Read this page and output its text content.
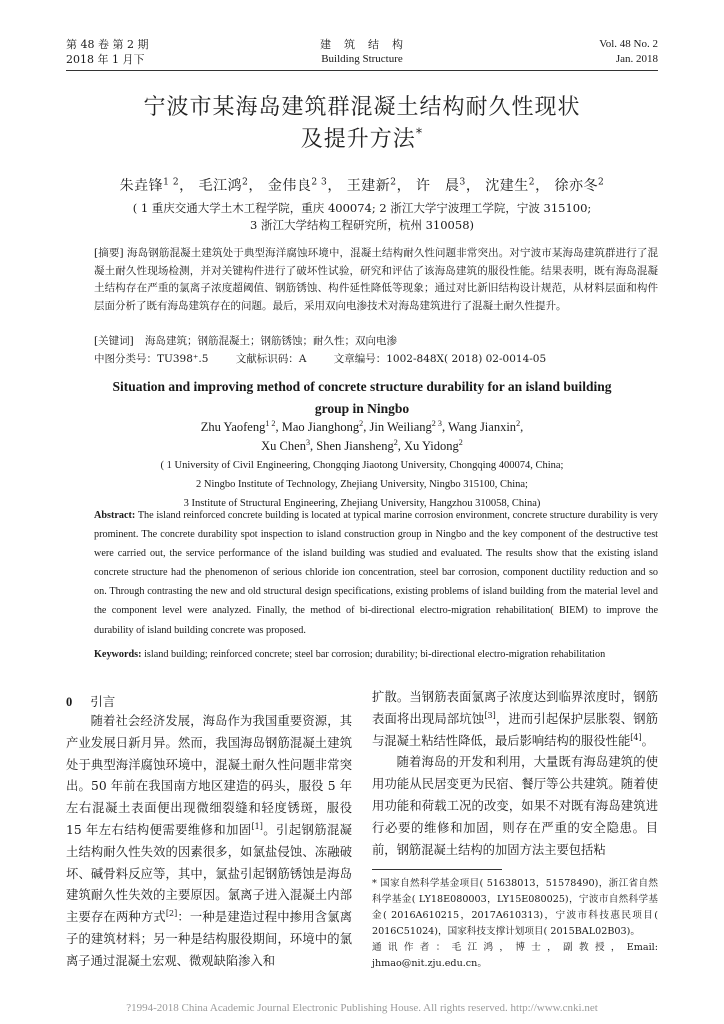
第 48 卷 第 2 期
2018 年 1 月下
建　筑　结　构
Building Structure
Vol. 48 No. 2
Jan. 2018
宁波市某海岛建筑群混凝土结构耐久性现状
及提升方法*
朱垚锋$^{1 2}$， 毛江鸿$^2$， 金伟良$^{2 3}$， 王建新$^2$， 许　晨$^3$， 沈建生$^2$， 徐亦冬$^2$
( 1 重庆交通大学土木工程学院，重庆 400074; 2 浙江大学宁波理工学院，宁波 315100;
3 浙江大学结构工程研究所，杭州 310058)
[摘要] 海岛钢筋混凝土建筑处于典型海洋腐蚀环境中，混凝土结构耐久性问题非常突出。对宁波市某海岛建筑群进行了混凝土耐久性现场检测，并对关键构件进行了破坏性试验，研究和评估了该海岛建筑的服役性能。结果表明，既有海岛混凝土结构存在严重的氯离子浓度超阈值、钢筋锈蚀、构件延性降低等现象；通过对比新旧结构设计规范，从材料层面和构件层面分析了既有海岛建筑存在的问题。最后，采用双向电渗技术对海岛建筑进行了混凝土耐久性提升。
[关键词] 海岛建筑；钢筋混凝土；钢筋锈蚀；耐久性；双向电渗
中图分类号：TU398⁺.5	文献标识码：A	文章编号：1002-848X( 2018) 02-0014-05
Situation and improving method of concrete structure durability for an island building
group in Ningbo
Zhu Yaofeng$^{1 2}$, Mao Jianghong$^2$, Jin Weiliang$^{2 3}$, Wang Jianxin$^2$,
Xu Chen$^3$, Shen Jiansheng$^2$, Xu Yidong$^2$
( 1 University of Civil Engineering, Chongqing Jiaotong University, Chongqing 400074, China;
2 Ningbo Institute of Technology, Zhejiang University, Ningbo 315100, China;
3 Institute of Structural Engineering, Zhejiang University, Hangzhou 310058, China)
Abstract: The island reinforced concrete building is located at typical marine corrosion environment, concrete structure durability is very prominent. The concrete durability spot inspection to island construction group in Ningbo and the key component of the destructive test were carried out, the service performance of the island building was studied and evaluated. The results show that the existing island concrete structure had the phenomenon of serious chloride ion concentration, steel bar corrosion, component ductility reduction and so on. Through contrasting the new and old structural design specifications, existing problems of island building from the material level and the component level were analyzed. Finally, the method of bi-directional electro-migration rehabilitation( BIEM) to improve the durability of island building concrete was proposed.
Keywords: island building; reinforced concrete; steel bar corrosion; durability; bi-directional electro-migration rehabilitation
0 引言
随着社会经济发展，海岛作为我国重要资源，其产业发展日新月异。然而，我国海岛钢筋混凝土建筑处于典型海洋腐蚀环境中，混凝土耐久性问题非常突出。50 年前在我国南方地区建造的码头，服役 5 年左右混凝土表面便出现微细裂缝和轻度锈斑，服役 15 年左右结构便需要维修和加固[1]。引起钢筋混凝土结构耐久性失效的因素很多，如氯盐侵蚀、冻融破坏、碱骨料反应等，其中，氯盐引起钢筋锈蚀是海岛建筑耐久性失效的主要原因。氯离子进入混凝土内部主要存在两种方式[2]：一种是建造过程中掺用含氯离子的建筑材料；另一种是结构服役期间，环境中的氯离子通过混凝土宏观、微观缺陷渗入和
扩散。当钢筋表面氯离子浓度达到临界浓度时，钢筋表面将出现局部坑蚀[3]，进而引起保护层胀裂、钢筋与混凝土粘结性降低，最后影响结构的服役性能[4]。
随着海岛的开发和利用，大量既有海岛建筑的使用功能从民居变更为民宿、餐厅等公共建筑。随着使用功能和荷载工况的改变，如果不对既有海岛建筑进行必要的维修和加固，则存在严重的安全隐患。目前，钢筋混凝土结构的加固方法主要包括粘
* 国家自然科学基金项目( 51638013，51578490)，浙江省自然科学基金( LY18E080003，LY15E080025)，宁波市自然科学基金( 2016A610215，2017A610313)，宁波市科技惠民项目( 2016C51024)，国家科技支撑计划项目( 2015BAL02B03)。
通讯作者：毛江鸿，博士，副教授，Email: jhmao@nit.zju.edu.cn。
?1994-2018 China Academic Journal Electronic Publishing House. All rights reserved. http://www.cnki.net
